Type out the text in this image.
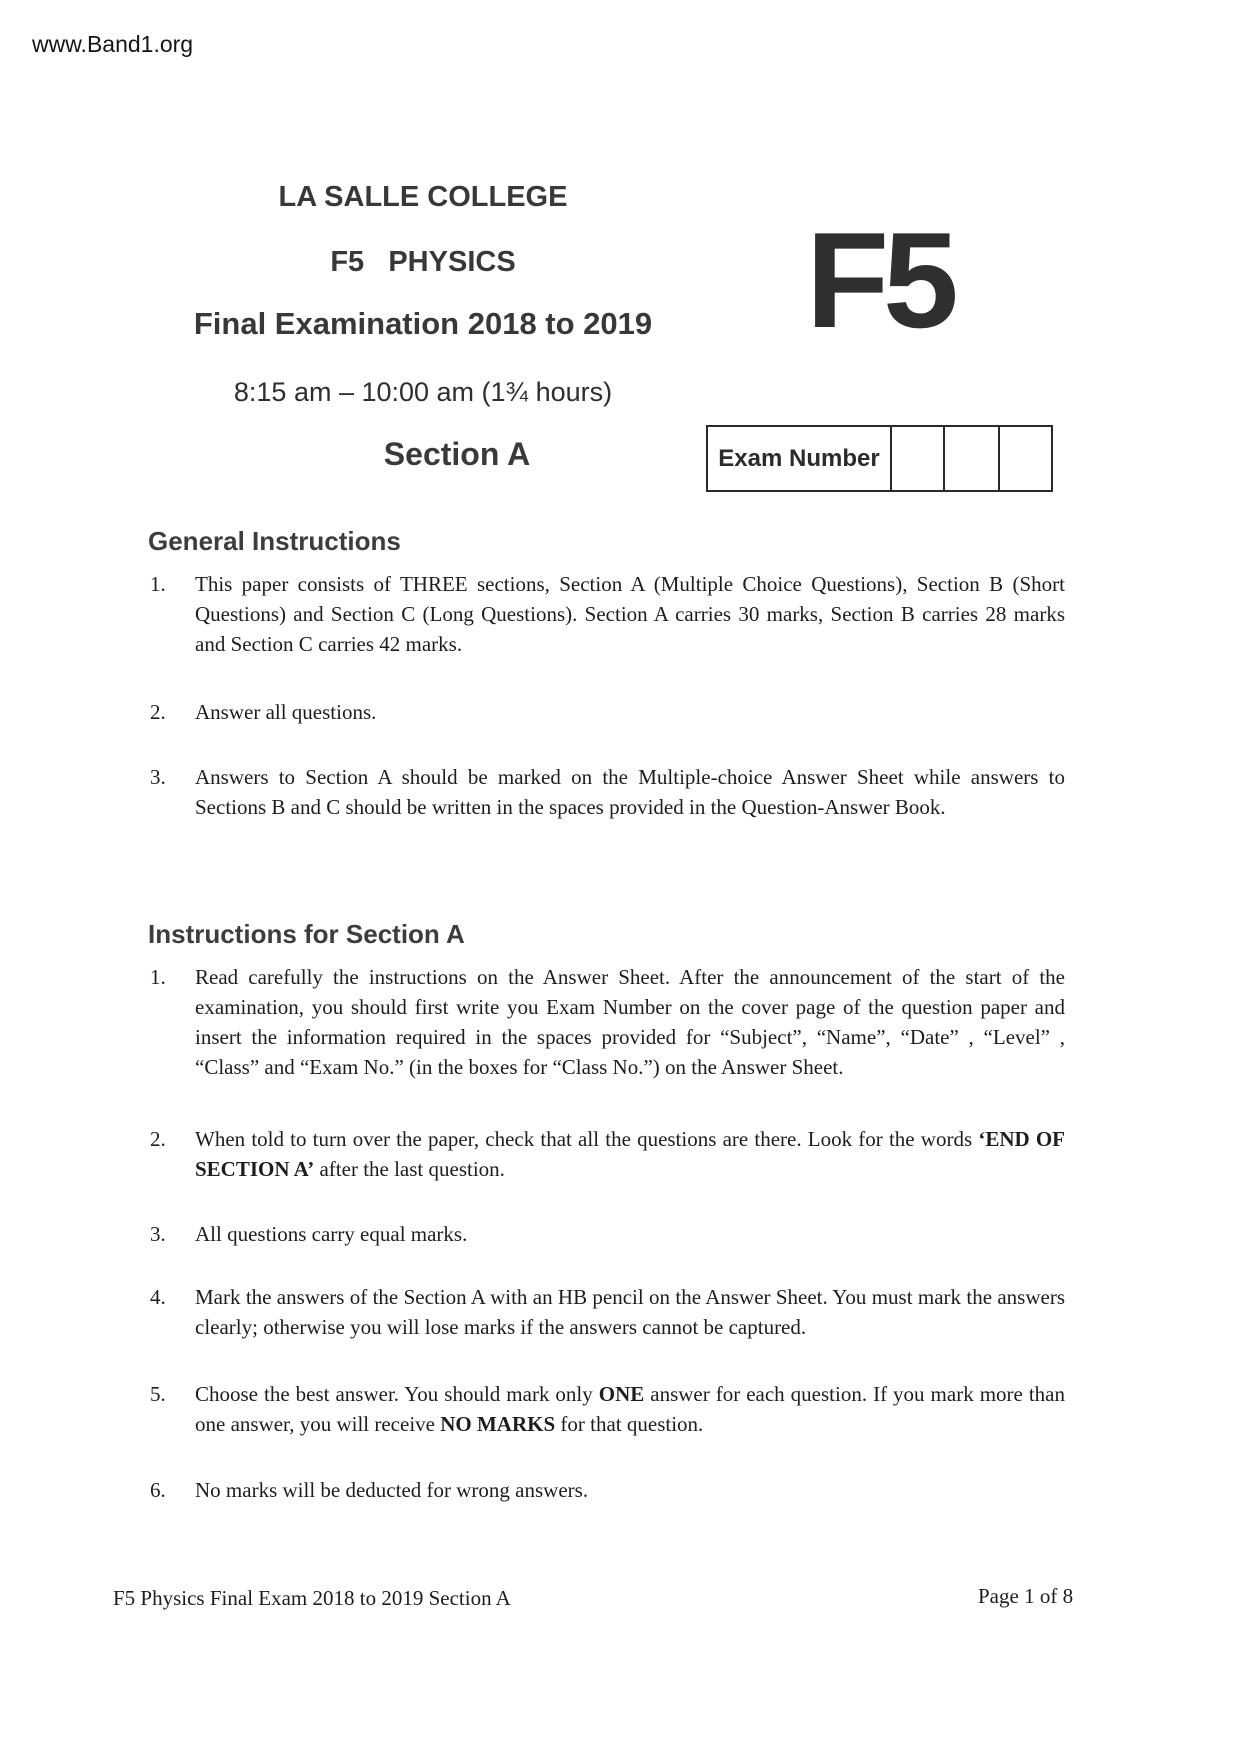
www.Band1.org
LA SALLE COLLEGE
F5   PHYSICS
Final Examination 2018 to 2019
8:15 am – 10:00 am (1¾ hours)
Section A
F5
Exam Number
General Instructions
1. This paper consists of THREE sections, Section A (Multiple Choice Questions), Section B (Short Questions) and Section C (Long Questions). Section A carries 30 marks, Section B carries 28 marks and Section C carries 42 marks.
2. Answer all questions.
3. Answers to Section A should be marked on the Multiple-choice Answer Sheet while answers to Sections B and C should be written in the spaces provided in the Question-Answer Book.
Instructions for Section A
1. Read carefully the instructions on the Answer Sheet. After the announcement of the start of the examination, you should first write you Exam Number on the cover page of the question paper and insert the information required in the spaces provided for “Subject”, “Name”, “Date” , “Level” , “Class” and “Exam No.” (in the boxes for “Class No.”) on the Answer Sheet.
2. When told to turn over the paper, check that all the questions are there. Look for the words ‘END OF SECTION A’ after the last question.
3. All questions carry equal marks.
4. Mark the answers of the Section A with an HB pencil on the Answer Sheet. You must mark the answers clearly; otherwise you will lose marks if the answers cannot be captured.
5. Choose the best answer. You should mark only ONE answer for each question. If you mark more than one answer, you will receive NO MARKS for that question.
6. No marks will be deducted for wrong answers.
F5 Physics Final Exam 2018 to 2019 Section A	Page 1 of 8
